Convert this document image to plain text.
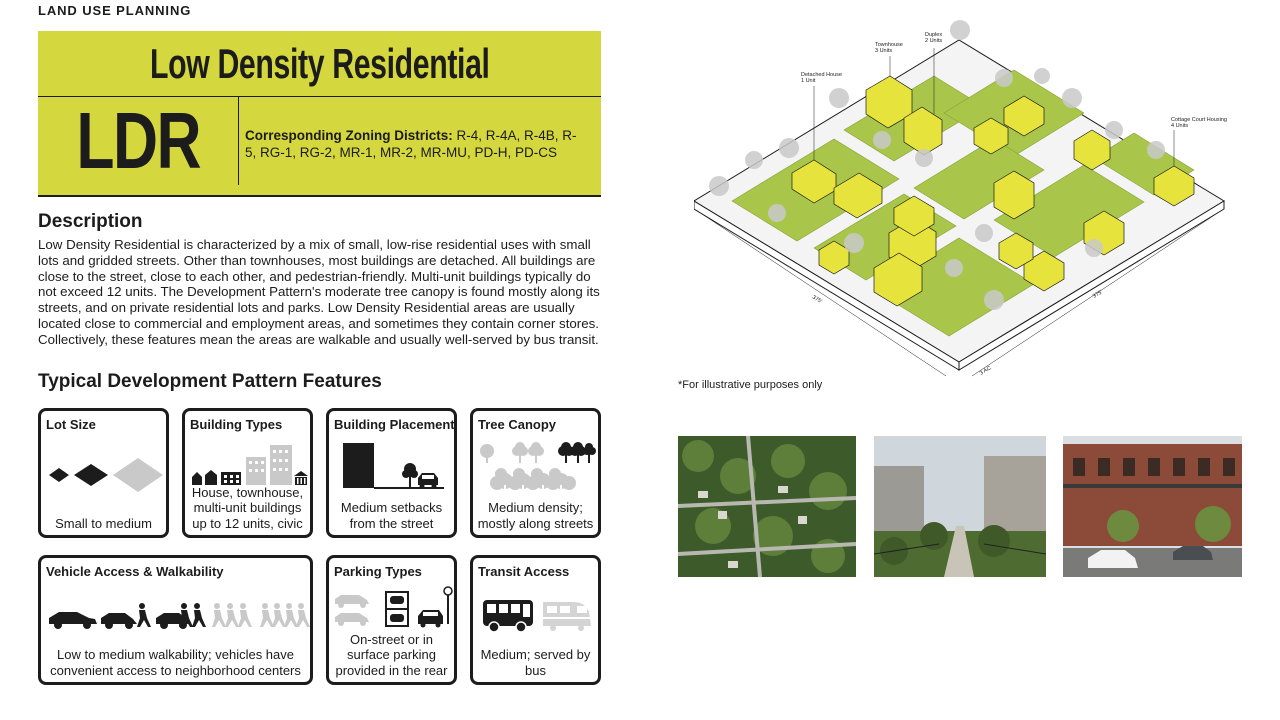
LAND USE PLANNING
Low Density Residential
LDR	Corresponding Zoning Districts: R-4, R-4A, R-4B, R-5, RG-1, RG-2, MR-1, MR-2, MR-MU, PD-H, PD-CS
Description
Low Density Residential is characterized by a mix of small, low-rise residential uses with small lots and gridded streets. Other than townhouses, most buildings are detached. All buildings are close to the street, close to each other, and pedestrian-friendly. Multi-unit buildings typically do not exceed 12 units. The Development Pattern's moderate tree canopy is found mostly along its streets, and on private residential lots and parks. Low Density Residential areas are usually located close to commercial and employment areas, and sometimes they contain corner stores. Collectively, these features mean the areas are walkable and usually well-served by bus transit.
Typical Development Pattern Features
Lot Size
Small to medium
Building Types
House, townhouse, multi-unit buildings up to 12 units, civic
Building Placement
Medium setbacks from the street
Tree Canopy
Medium density; mostly along streets
Vehicle Access & Walkability
Low to medium walkability; vehicles have convenient access to neighborhood centers
Parking Types
On-street or in surface parking provided in the rear
Transit Access
Medium; served by bus
Townhouse
3 Units
Duplex
2 Units
Detached House
1 Unit
Cottage Court Housing
4 Units
375'
375'
3 AC
*For illustrative purposes only
